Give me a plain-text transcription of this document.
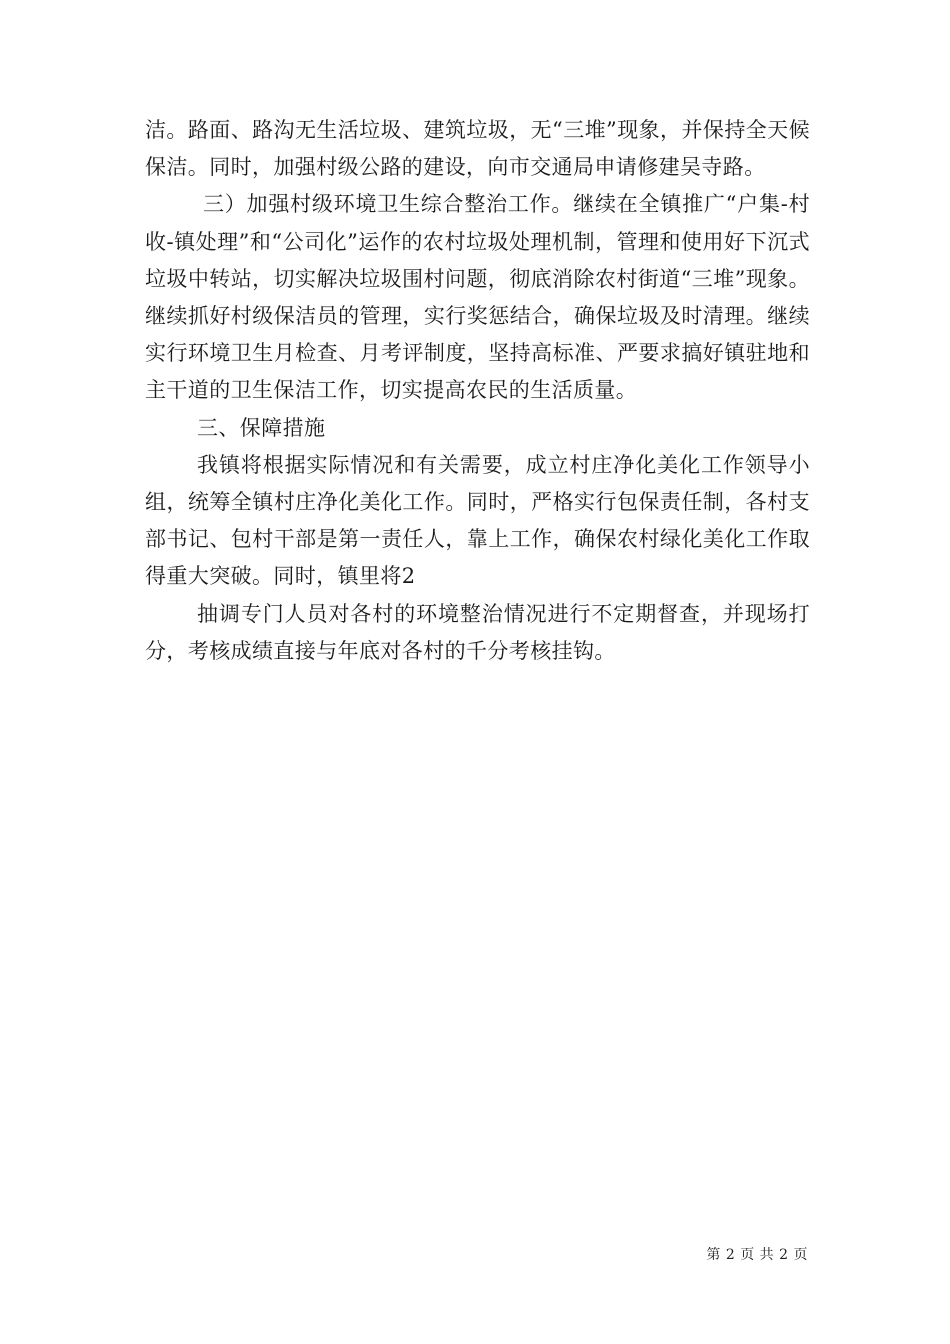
洁。路面、路沟无生活垃圾、建筑垃圾，无“三堆”现象，并保持全天候保洁。同时，加强村级公路的建设，向市交通局申请修建吴寺路。

三）加强村级环境卫生综合整治工作。继续在全镇推广“户集-村收-镇处理”和“公司化”运作的农村垃圾处理机制，管理和使用好下沉式垃圾中转站，切实解决垃圾围村问题，彻底消除农村街道“三堆”现象。继续抓好村级保洁员的管理，实行奖惩结合，确保垃圾及时清理。继续实行环境卫生月检查、月考评制度，坚持高标准、严要求搞好镇驻地和主干道的卫生保洁工作，切实提高农民的生活质量。

三、保障措施

我镇将根据实际情况和有关需要，成立村庄净化美化工作领导小组，统筹全镇村庄净化美化工作。同时，严格实行包保责任制，各村支部书记、包村干部是第一责任人，靠上工作，确保农村绿化美化工作取得重大突破。同时，镇里将2

抽调专门人员对各村的环境整治情况进行不定期督查，并现场打分，考核成绩直接与年底对各村的千分考核挂钩。

第 2 页 共 2 页
